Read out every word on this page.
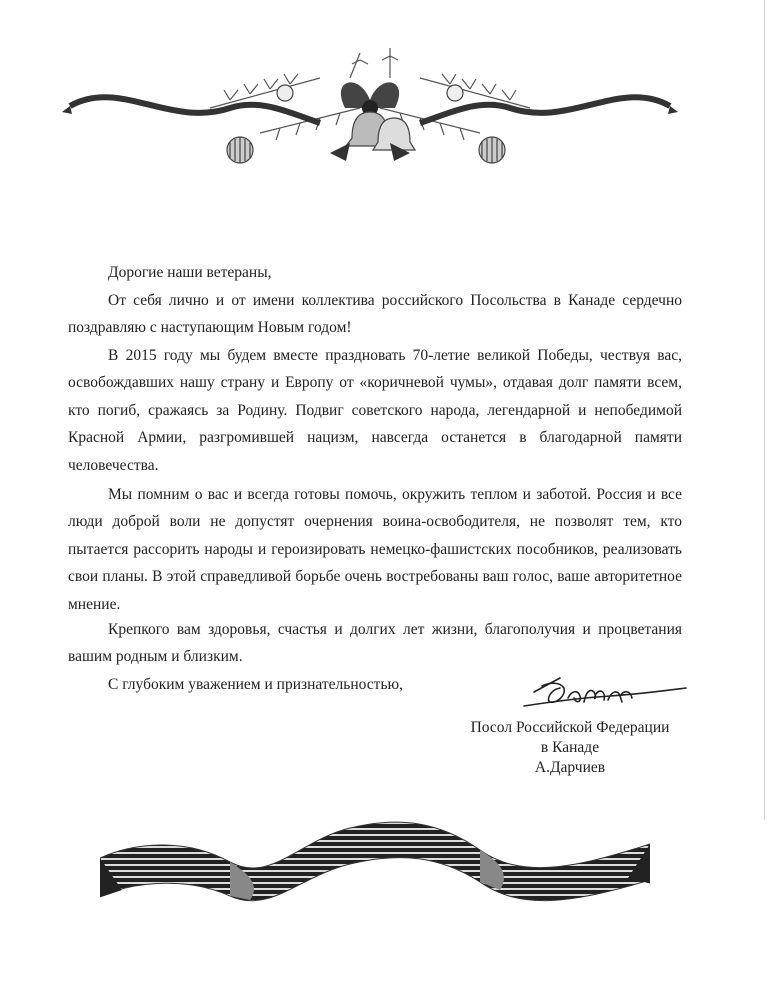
Дорогие наши ветераны,

От себя лично и от имени коллектива российского Посольства в Канаде сердечно поздравляю с наступающим Новым годом!

В 2015 году мы будем вместе праздновать 70-летие великой Победы, чествуя вас, освобождавших нашу страну и Европу от «коричневой чумы», отдавая долг памяти всем, кто погиб, сражаясь за Родину. Подвиг советского народа, легендарной и непобедимой Красной Армии, разгромившей нацизм, навсегда останется в благодарной памяти человечества.

Мы помним о вас и всегда готовы помочь, окружить теплом и заботой. Россия и все люди доброй воли не допустят очернения воина-освободителя, не позволят тем, кто пытается рассорить народы и героизировать немецко-фашистских пособников, реализовать свои планы. В этой справедливой борьбе очень востребованы ваш голос, ваше авторитетное мнение.

Крепкого вам здоровья, счастья и долгих лет жизни, благополучия и процветания вашим родным и близким.

С глубоким уважением и признательностью,

Посол Российской Федерации
в Канаде
А.Дарчиев
